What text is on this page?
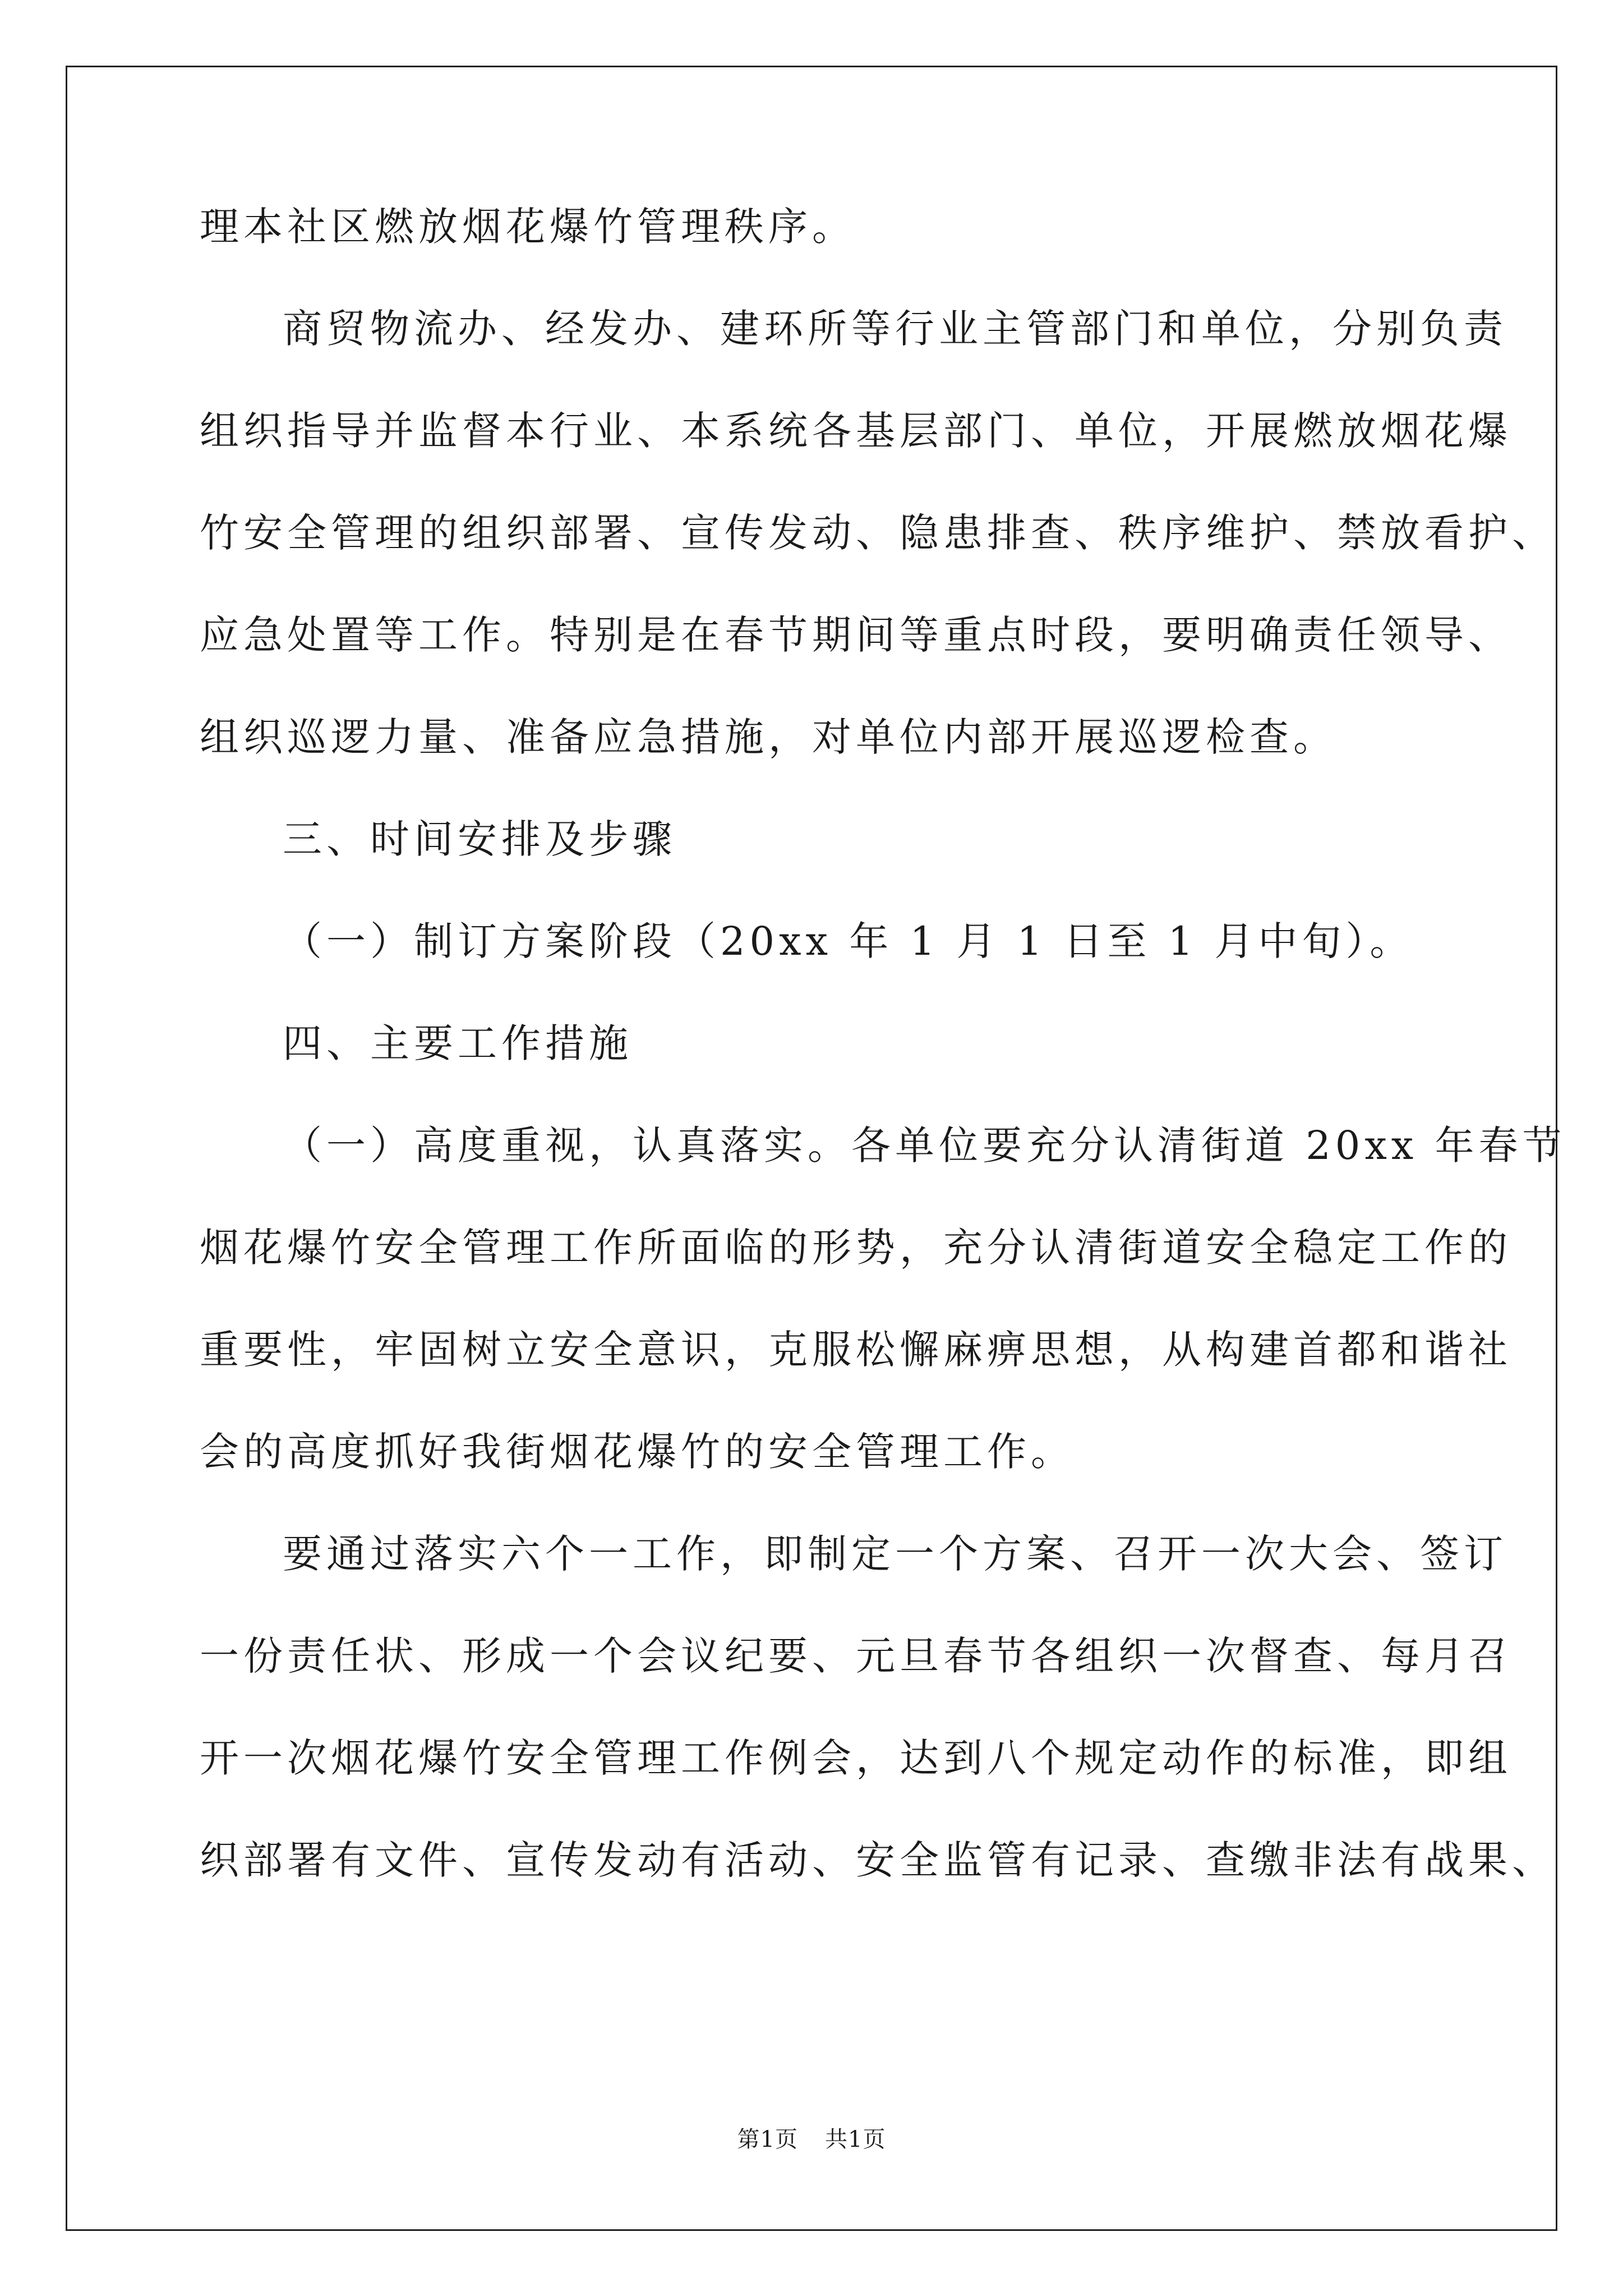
理本社区燃放烟花爆竹管理秩序。
商贸物流办、经发办、建环所等行业主管部门和单位，分别负责
组织指导并监督本行业、本系统各基层部门、单位，开展燃放烟花爆
竹安全管理的组织部署、宣传发动、隐患排查、秩序维护、禁放看护、
应急处置等工作。特别是在春节期间等重点时段，要明确责任领导、
组织巡逻力量、准备应急措施，对单位内部开展巡逻检查。
三、时间安排及步骤
（一）制订方案阶段（20xx 年 1 月 1 日至 1 月中旬）。
四、主要工作措施
（一）高度重视，认真落实。各单位要充分认清街道 20xx 年春节
烟花爆竹安全管理工作所面临的形势，充分认清街道安全稳定工作的
重要性，牢固树立安全意识，克服松懈麻痹思想，从构建首都和谐社
会的高度抓好我街烟花爆竹的安全管理工作。
要通过落实六个一工作，即制定一个方案、召开一次大会、签订
一份责任状、形成一个会议纪要、元旦春节各组织一次督查、每月召
开一次烟花爆竹安全管理工作例会，达到八个规定动作的标准，即组
织部署有文件、宣传发动有活动、安全监管有记录、查缴非法有战果、
第1页 共1页
